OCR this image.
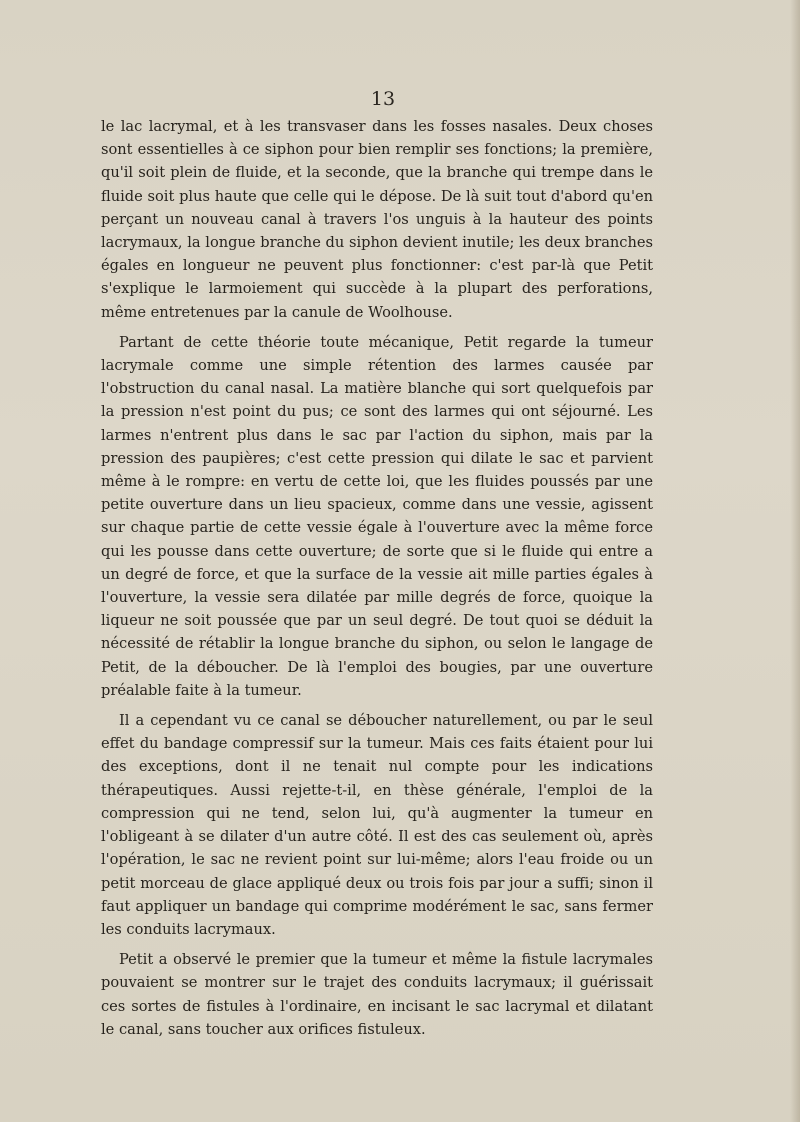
13

le lac lacrymal, et à les transvaser dans les fosses nasales. Deux choses sont essentielles à ce siphon pour bien remplir ses fonctions; la première, qu'il soit plein de fluide, et la seconde, que la branche qui trempe dans le fluide soit plus haute que celle qui le dépose. De là suit tout d'abord qu'en perçant un nouveau canal à travers l'os unguis à la hauteur des points lacrymaux, la longue branche du siphon devient inutile; les deux branches égales en longueur ne peuvent plus fonctionner: c'est par-là que Petit s'explique le larmoiement qui succède à la plupart des perforations, même entretenues par la canule de Woolhouse.

Partant de cette théorie toute mécanique, Petit regarde la tumeur lacrymale comme une simple rétention des larmes causée par l'obstruction du canal nasal. La matière blanche qui sort quelquefois par la pression n'est point du pus; ce sont des larmes qui ont séjourné. Les larmes n'entrent plus dans le sac par l'action du siphon, mais par la pression des paupières; c'est cette pression qui dilate le sac et parvient même à le rompre: en vertu de cette loi, que les fluides poussés par une petite ouverture dans un lieu spacieux, comme dans une vessie, agissent sur chaque partie de cette vessie égale à l'ouverture avec la même force qui les pousse dans cette ouverture; de sorte que si le fluide qui entre a un degré de force, et que la surface de la vessie ait mille parties égales à l'ouverture, la vessie sera dilatée par mille degrés de force, quoique la liqueur ne soit poussée que par un seul degré. De tout quoi se déduit la nécessité de rétablir la longue branche du siphon, ou selon le langage de Petit, de la déboucher. De là l'emploi des bougies, par une ouverture préalable faite à la tumeur.

Il a cependant vu ce canal se déboucher naturellement, ou par le seul effet du bandage compressif sur la tumeur. Mais ces faits étaient pour lui des exceptions, dont il ne tenait nul compte pour les indications thérapeutiques. Aussi rejette-t-il, en thèse générale, l'emploi de la compression qui ne tend, selon lui, qu'à augmenter la tumeur en l'obligeant à se dilater d'un autre côté. Il est des cas seulement où, après l'opération, le sac ne revient point sur lui-même; alors l'eau froide ou un petit morceau de glace appliqué deux ou trois fois par jour a suffi; sinon il faut appliquer un bandage qui comprime modérément le sac, sans fermer les conduits lacrymaux.

Petit a observé le premier que la tumeur et même la fistule lacrymales pouvaient se montrer sur le trajet des conduits lacrymaux; il guérissait ces sortes de fistules à l'ordinaire, en incisant le sac lacrymal et dilatant le canal, sans toucher aux orifices fistuleux.
